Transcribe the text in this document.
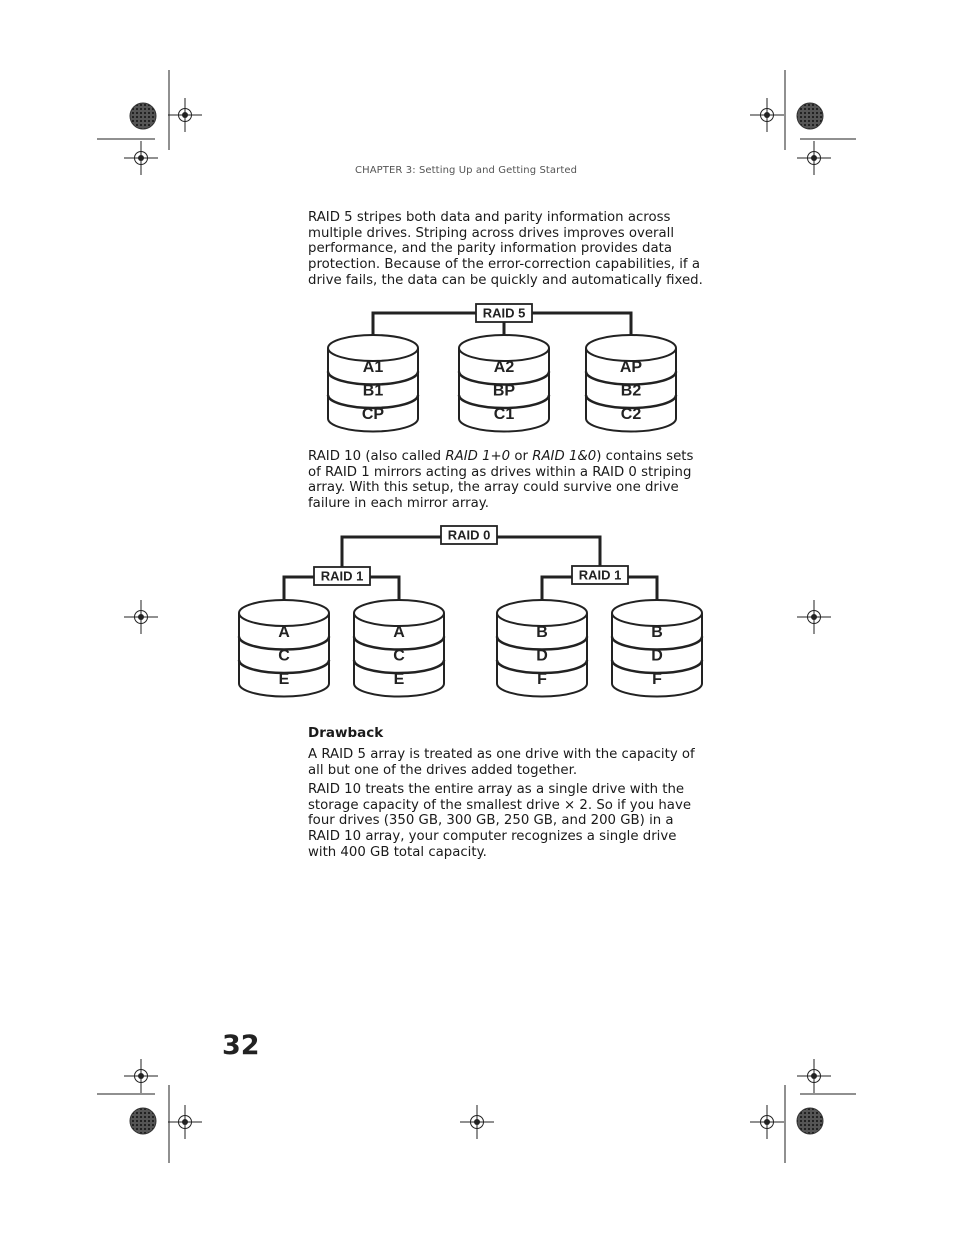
CHAPTER 3: Setting Up and Getting Started

RAID 5 stripes both data and parity information across multiple drives. Striping across drives improves overall performance, and the parity information provides data protection. Because of the error-correction capabilities, if a drive fails, the data can be quickly and automatically fixed.

A1
B1
CP
A2
BP
C1
AP
B2
C2
RAID 5
A
C
E
A
C
E
B
D
F
B
D
F
RAID 0
RAID 1	RAID 1

RAID 10 (also called RAID 1+0 or RAID 1&0) contains sets of RAID 1 mirrors acting as drives within a RAID 0 striping array. With this setup, the array could survive one drive failure in each mirror array.

Drawback

A RAID 5 array is treated as one drive with the capacity of all but one of the drives added together.

RAID 10 treats the entire array as a single drive with the storage capacity of the smallest drive × 2. So if you have four drives (350 GB, 300 GB, 250 GB, and 200 GB) in a RAID 10 array, your computer recognizes a single drive with 400 GB total capacity.

32
